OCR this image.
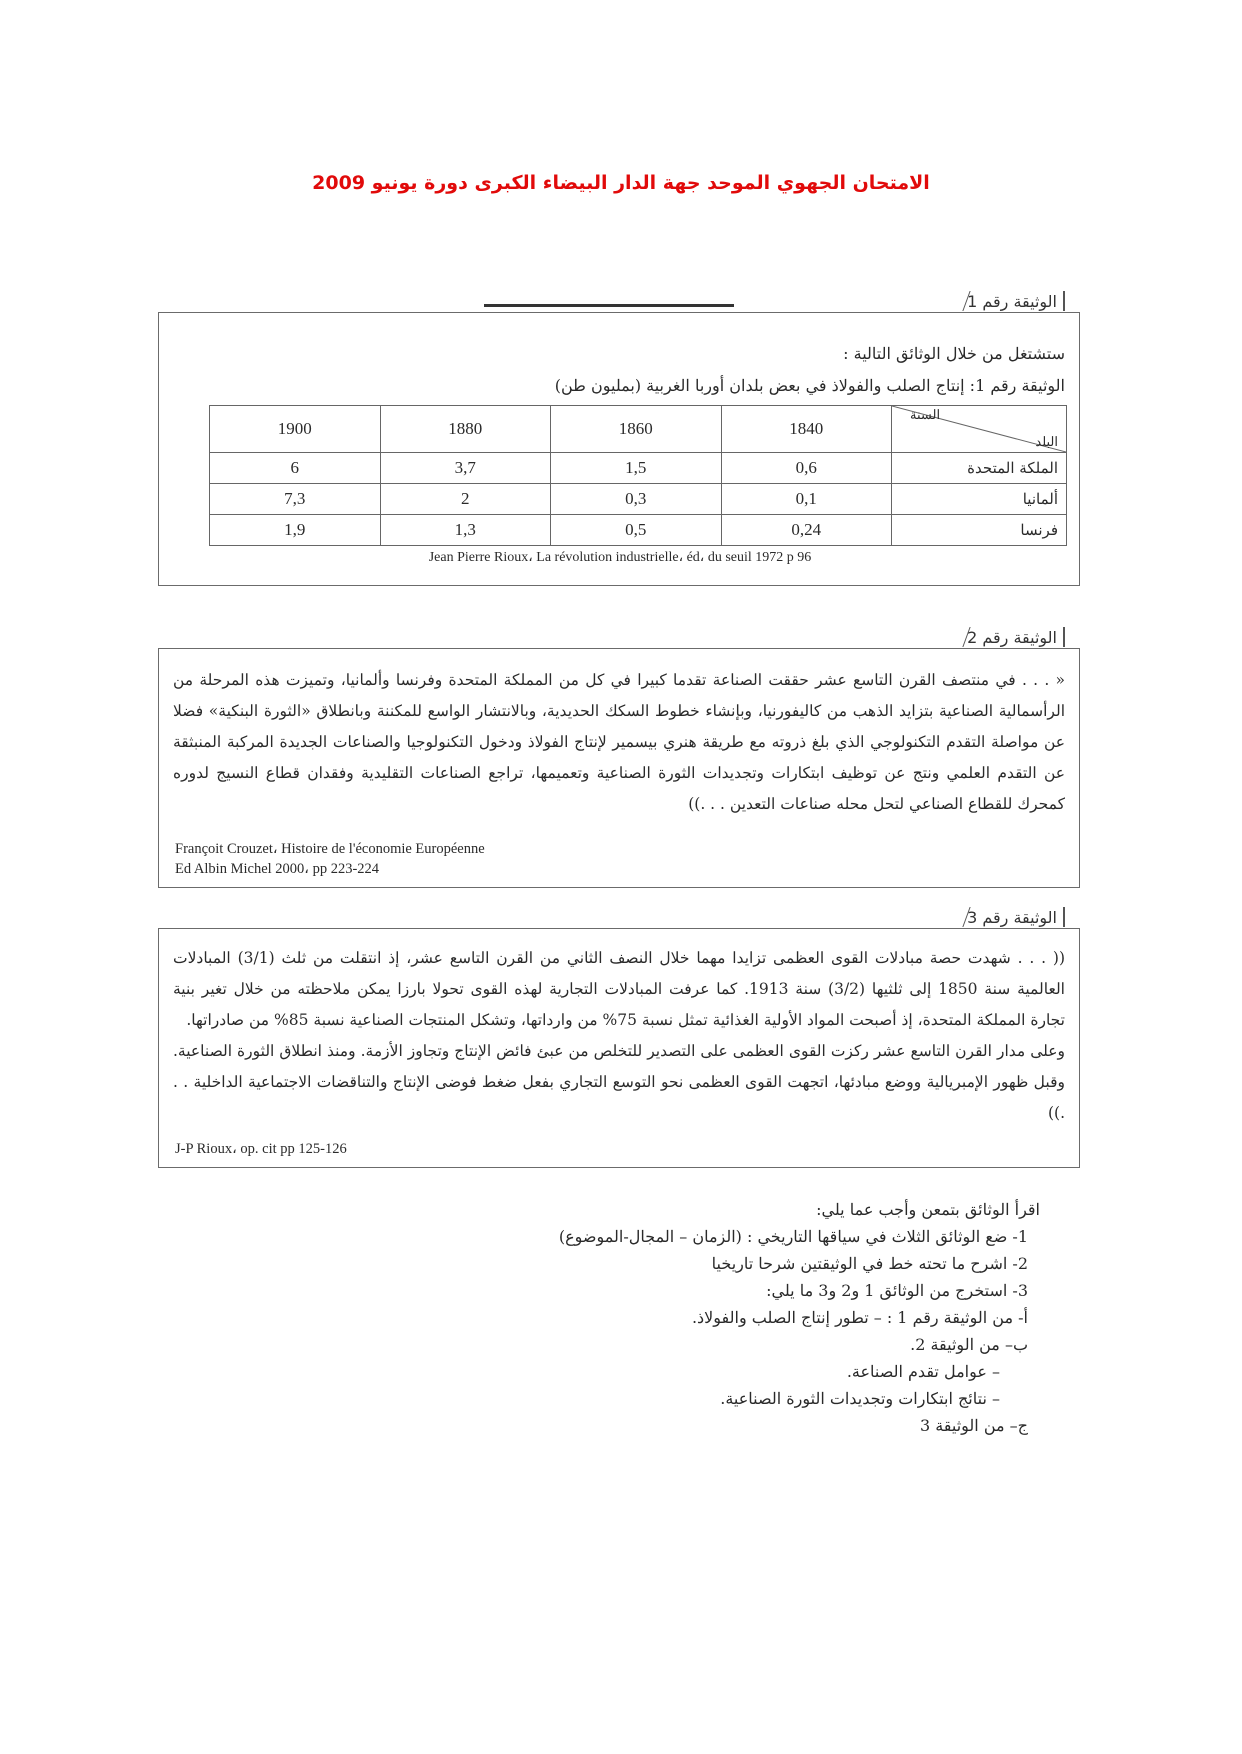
الامتحان الجهوي الموحد جهة الدار البيضاء الكبرى دورة يونيو 2009
الوثيقة رقم 1
ستشتغل من خلال الوثائق التالية :
الوثيقة رقم 1: إنتاج الصلب والفولاذ في بعض بلدان أوربا الغربية (بمليون طن)
السنة
البلد	1840	1860	1880	1900
الملكة المتحدة	0,6	1,5	3,7	6
ألمانيا	0,1	0,3	2	7,3
فرنسا	0,24	0,5	1,3	1,9
Jean Pierre Rioux، La révolution industrielle، éd، du seuil 1972 p 96
الوثيقة رقم 2
« . . . في منتصف القرن التاسع عشر حققت الصناعة تقدما كبيرا في كل من المملكة المتحدة وفرنسا وألمانيا، وتميزت هذه المرحلة من الرأسمالية الصناعية بتزايد الذهب من كاليفورنيا، وبإنشاء خطوط السكك الحديدية، وبالانتشار الواسع للمكننة وبانطلاق «الثورة البنكية» فضلا عن مواصلة التقدم التكنولوجي الذي بلغ ذروته مع طريقة هنري بيسمير لإنتاج الفولاذ ودخول التكنولوجيا والصناعات الجديدة المركبة المنبثقة عن التقدم العلمي ونتج عن توظيف ابتكارات وتجديدات الثورة الصناعية وتعميمها، تراجع الصناعات التقليدية وفقدان قطاع النسيج لدوره كمحرك للقطاع الصناعي لتحل محله صناعات التعدين . . .))
Françoit Crouzet، Histoire de l'économie Européenne
Ed Albin Michel 2000، pp 223-224
الوثيقة رقم 3
(( . . . شهدت حصة مبادلات القوى العظمى تزايدا مهما خلال النصف الثاني من القرن التاسع عشر، إذ انتقلت من ثلث (3/1) المبادلات العالمية سنة 1850 إلى ثلثيها (3/2) سنة 1913. كما عرفت المبادلات التجارية لهذه القوى تحولا بارزا يمكن ملاحظته من خلال تغير بنية تجارة المملكة المتحدة، إذ أصبحت المواد الأولية الغذائية تمثل نسبة 75% من وارداتها، وتشكل المنتجات الصناعية نسبة 85% من صادراتها.
وعلى مدار القرن التاسع عشر ركزت القوى العظمى على التصدير للتخلص من عبئ فائض الإنتاج وتجاوز الأزمة. ومنذ انطلاق الثورة الصناعية. وقبل ظهور الإمبريالية ووضع مبادئها، اتجهت القوى العظمى نحو التوسع التجاري بفعل ضغط فوضى الإنتاج والتناقضات الاجتماعية الداخلية . . .))
J-P Rioux، op. cit pp 125-126
اقرأ الوثائق بتمعن وأجب عما يلي:
1- ضع الوثائق الثلاث في سياقها التاريخي : (الزمان – المجال-الموضوع)
2- اشرح ما تحته خط في الوثيقتين شرحا تاريخيا
3- استخرج من الوثائق 1 و2 و3 ما يلي:
أ- من الوثيقة رقم 1 : – تطور إنتاج الصلب والفولاذ.
ب– من الوثيقة 2.
– عوامل تقدم الصناعة.
– نتائج ابتكارات وتجديدات الثورة الصناعية.
ج– من الوثيقة 3
